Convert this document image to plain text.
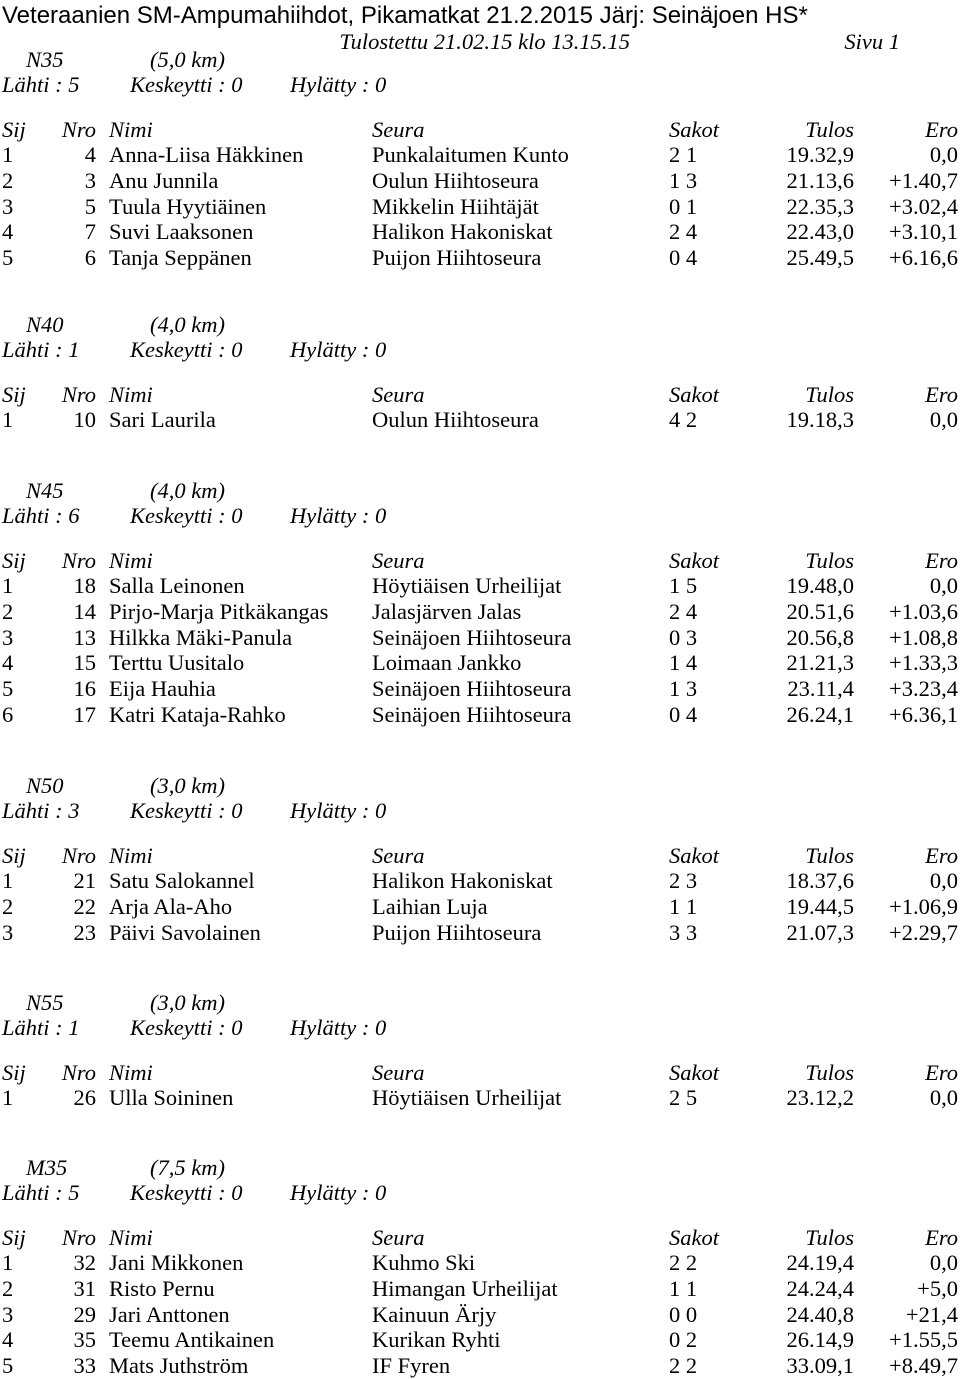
Veteraanien SM-Ampumahiihdot, Pikamatkat 21.2.2015 Järj: Seinäjoen HS*
Tulostettu 21.02.15 klo 13.15.15	Sivu 1
N35	(5,0 km)
Lähti : 5 Keskeytti : 0 Hylätty : 0
Sij	Nro Nimi	Seura	Sakot	Tulos	Ero
1	4 Anna-Liisa Häkkinen	Punkalaitumen Kunto	2 1	19.32,9	0,0
2	3 Anu Junnila	Oulun Hiihtoseura	1 3	21.13,6	+1.40,7
3	5 Tuula Hyytiäinen	Mikkelin Hiihtäjät	0 1	22.35,3	+3.02,4
4	7 Suvi Laaksonen	Halikon Hakoniskat	2 4	22.43,0	+3.10,1
5	6 Tanja Seppänen	Puijon Hiihtoseura	0 4	25.49,5	+6.16,6
N40	(4,0 km)
Lähti : 1 Keskeytti : 0 Hylätty : 0
Sij	Nro Nimi	Seura	Sakot	Tulos	Ero
1	10 Sari Laurila	Oulun Hiihtoseura	4 2	19.18,3	0,0
N45	(4,0 km)
Lähti : 6 Keskeytti : 0 Hylätty : 0
Sij	Nro Nimi	Seura	Sakot	Tulos	Ero
1	18 Salla Leinonen	Höytiäisen Urheilijat	1 5	19.48,0	0,0
2	14 Pirjo-Marja Pitkäkangas	Jalasjärven Jalas	2 4	20.51,6	+1.03,6
3	13 Hilkka Mäki-Panula	Seinäjoen Hiihtoseura	0 3	20.56,8	+1.08,8
4	15 Terttu Uusitalo	Loimaan Jankko	1 4	21.21,3	+1.33,3
5	16 Eija Hauhia	Seinäjoen Hiihtoseura	1 3	23.11,4	+3.23,4
6	17 Katri Kataja-Rahko	Seinäjoen Hiihtoseura	0 4	26.24,1	+6.36,1
N50	(3,0 km)
Lähti : 3 Keskeytti : 0 Hylätty : 0
Sij	Nro Nimi	Seura	Sakot	Tulos	Ero
1	21 Satu Salokannel	Halikon Hakoniskat	2 3	18.37,6	0,0
2	22 Arja Ala-Aho	Laihian Luja	1 1	19.44,5	+1.06,9
3	23 Päivi Savolainen	Puijon Hiihtoseura	3 3	21.07,3	+2.29,7
N55	(3,0 km)
Lähti : 1 Keskeytti : 0 Hylätty : 0
Sij	Nro Nimi	Seura	Sakot	Tulos	Ero
1	26 Ulla Soininen	Höytiäisen Urheilijat	2 5	23.12,2	0,0
M35	(7,5 km)
Lähti : 5 Keskeytti : 0 Hylätty : 0
Sij	Nro Nimi	Seura	Sakot	Tulos	Ero
1	32 Jani Mikkonen	Kuhmo Ski	2 2	24.19,4	0,0
2	31 Risto Pernu	Himangan Urheilijat	1 1	24.24,4	+5,0
3	29 Jari Anttonen	Kainuun Ärjy	0 0	24.40,8	+21,4
4	35 Teemu Antikainen	Kurikan Ryhti	0 2	26.14,9	+1.55,5
5	33 Mats Juthström	IF Fyren	2 2	33.09,1	+8.49,7
